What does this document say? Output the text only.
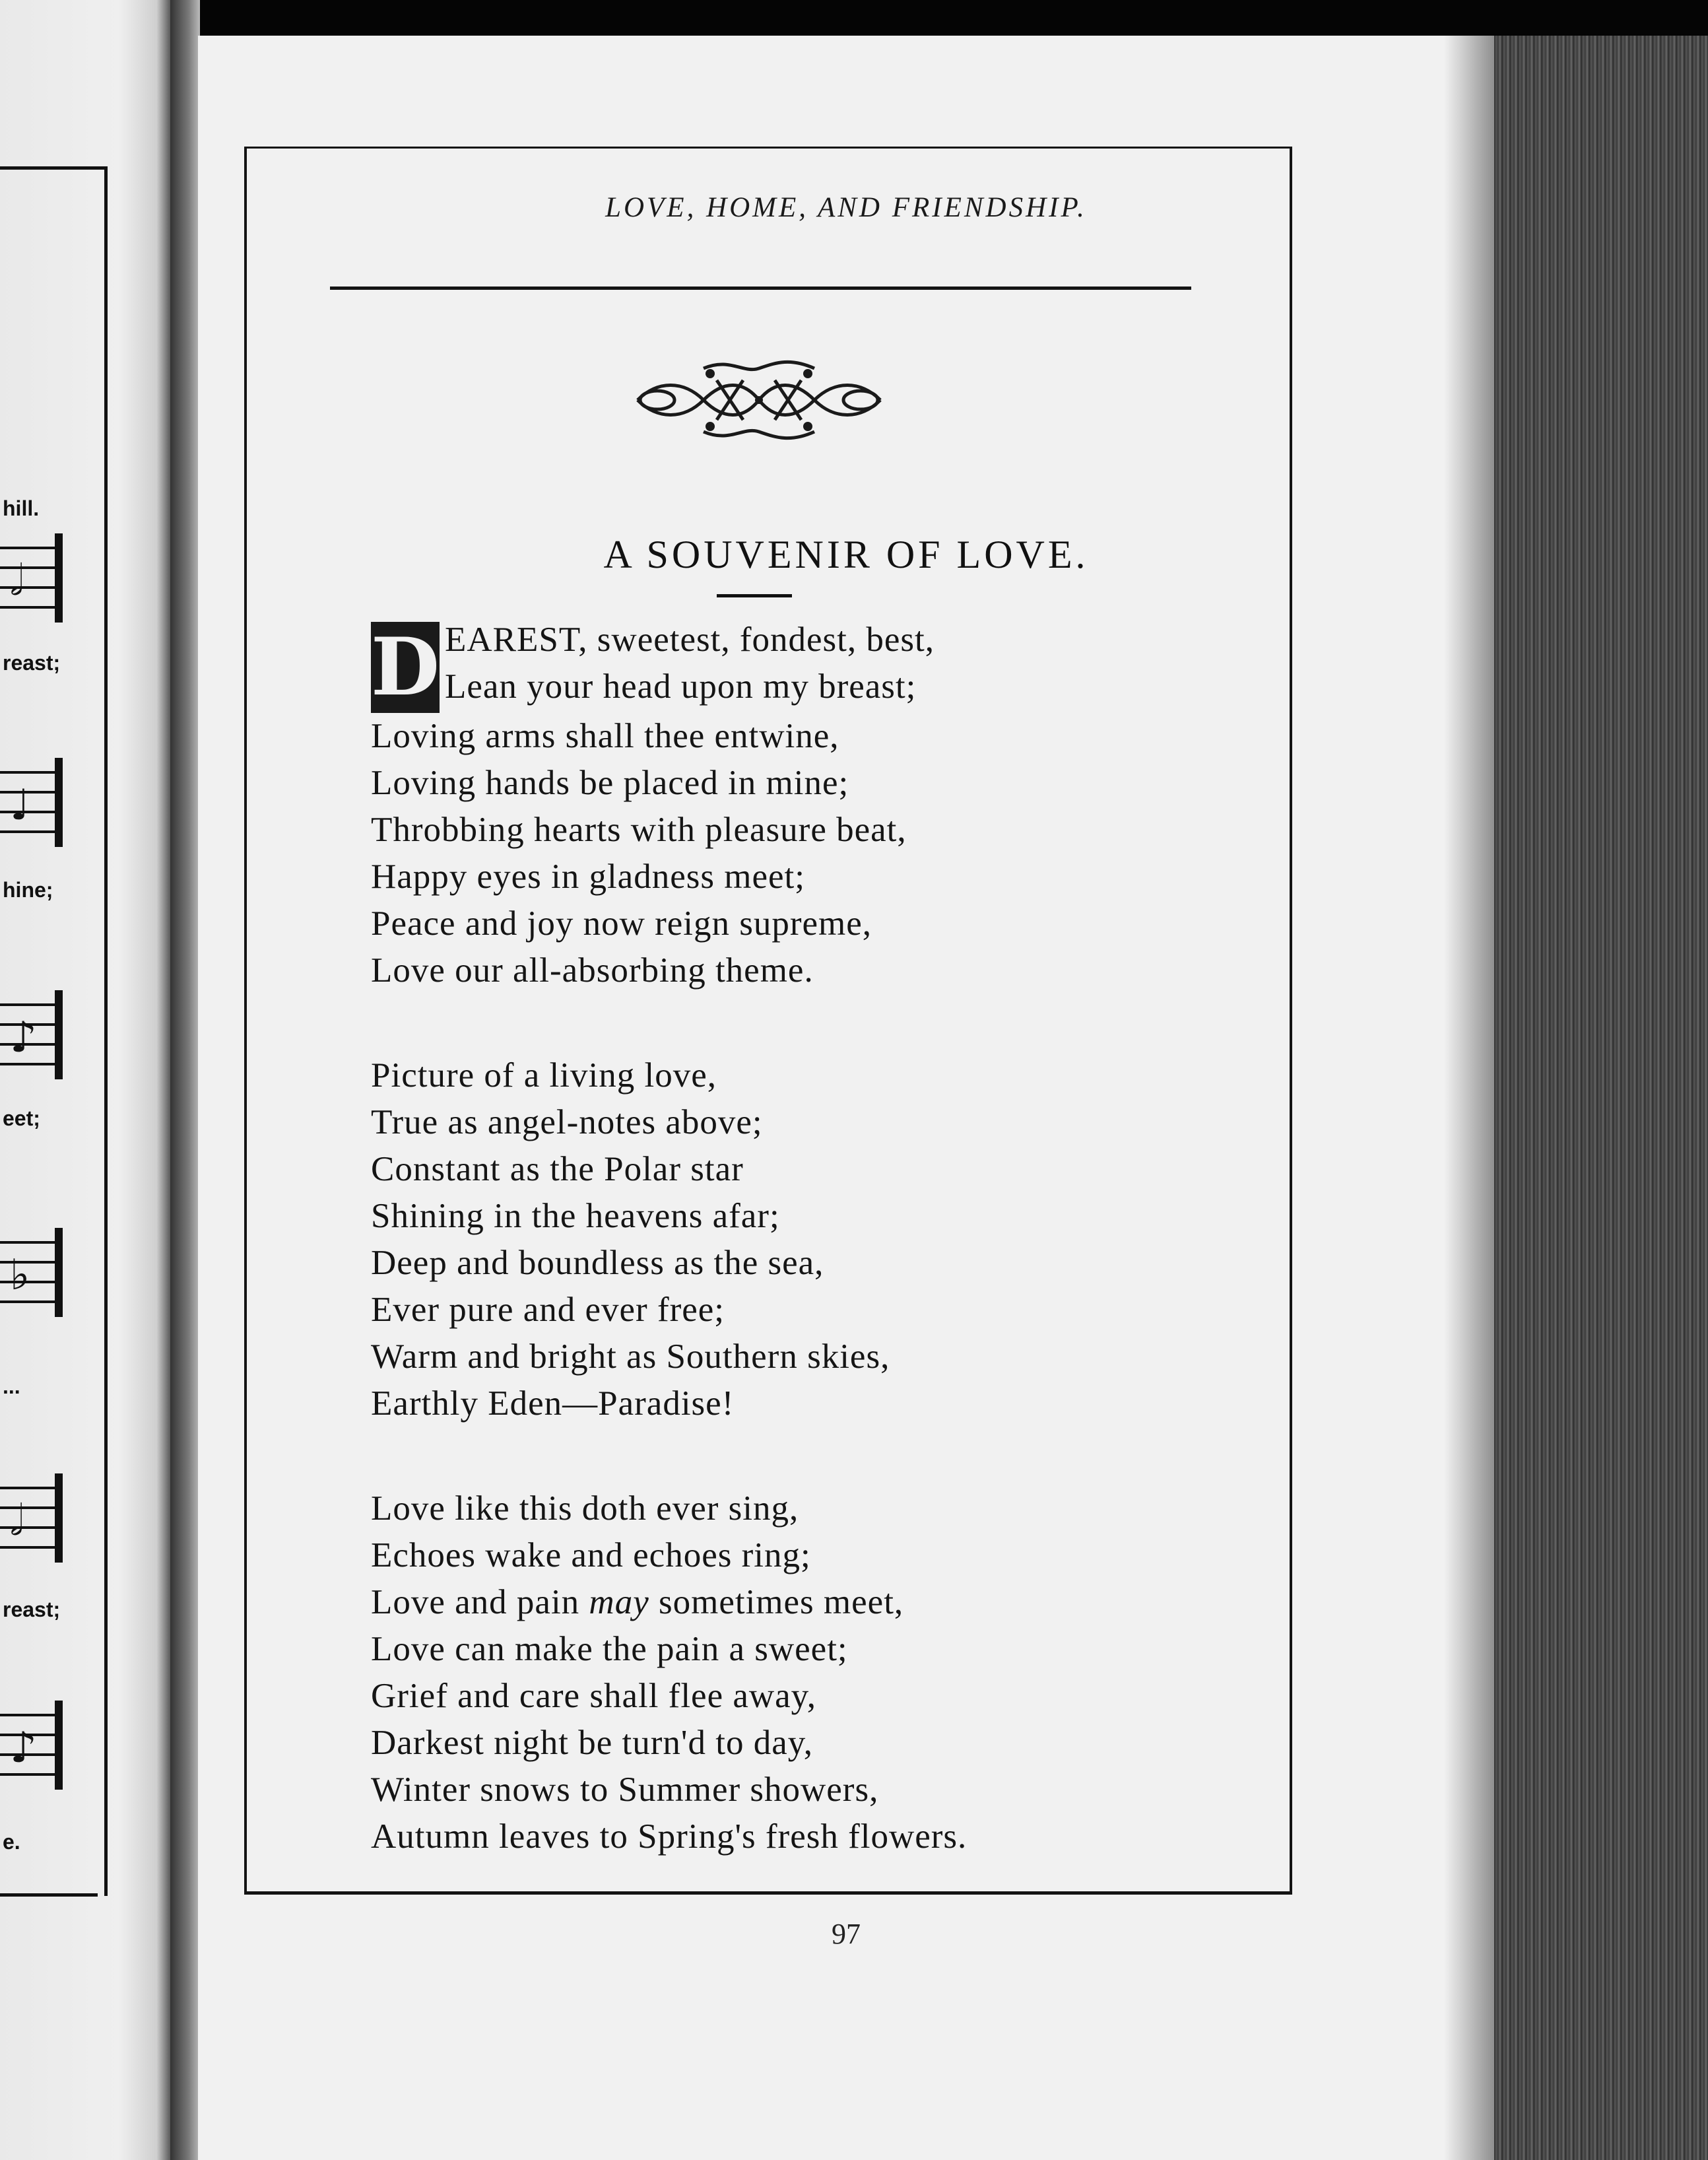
hill.
𝅗𝅥
reast;
♩
hine;
♪
eet;
♭
...
𝅗𝅥
reast;
♪
e.
LOVE, HOME, AND FRIENDSHIP.
A SOUVENIR OF LOVE.
D EAREST, sweetest, fondest, best,
Lean your head upon my breast;
Loving arms shall thee entwine,
Loving hands be placed in mine;
Throbbing hearts with pleasure beat,
Happy eyes in gladness meet;
Peace and joy now reign supreme,
Love our all-absorbing theme.
Picture of a living love,
True as angel-notes above;
Constant as the Polar star
Shining in the heavens afar;
Deep and boundless as the sea,
Ever pure and ever free;
Warm and bright as Southern skies,
Earthly Eden—Paradise!
Love like this doth ever sing,
Echoes wake and echoes ring;
Love and pain may sometimes meet,
Love can make the pain a sweet;
Grief and care shall flee away,
Darkest night be turn'd to day,
Winter snows to Summer showers,
Autumn leaves to Spring's fresh flowers.
97
